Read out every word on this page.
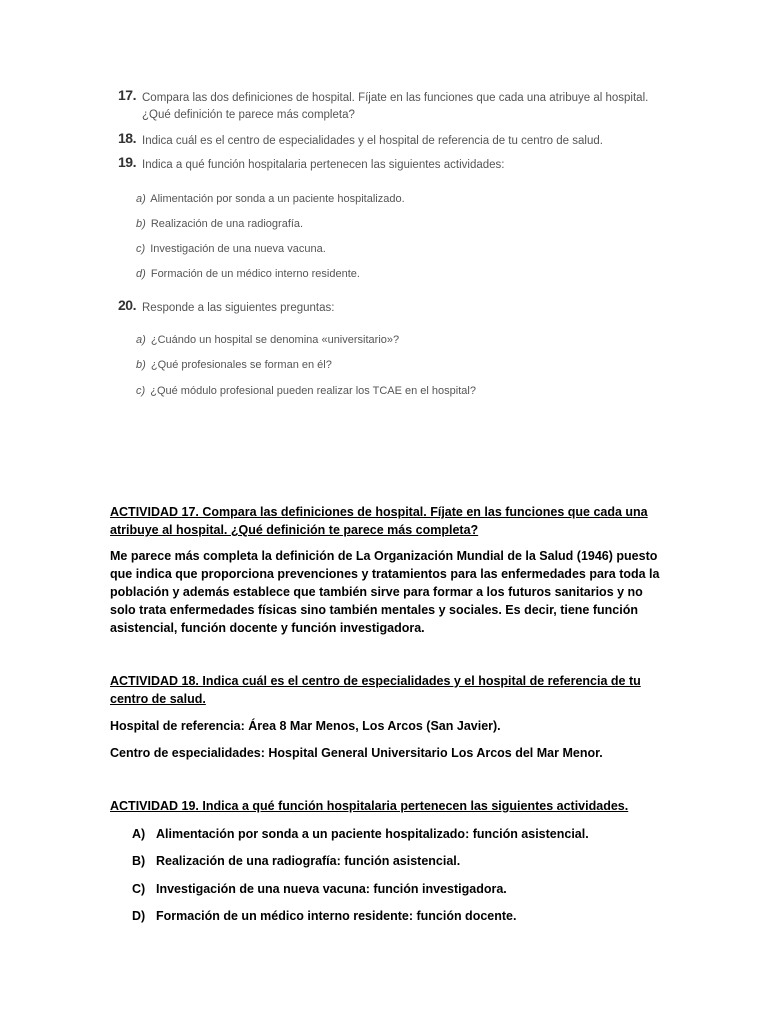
17. Compara las dos definiciones de hospital. Fíjate en las funciones que cada una atribuye al hospital. ¿Qué definición te parece más completa?
18. Indica cuál es el centro de especialidades y el hospital de referencia de tu centro de salud.
19. Indica a qué función hospitalaria pertenecen las siguientes actividades:
a) Alimentación por sonda a un paciente hospitalizado.
b) Realización de una radiografía.
c) Investigación de una nueva vacuna.
d) Formación de un médico interno residente.
20. Responde a las siguientes preguntas:
a) ¿Cuándo un hospital se denomina «universitario»?
b) ¿Qué profesionales se forman en él?
c) ¿Qué módulo profesional pueden realizar los TCAE en el hospital?
ACTIVIDAD 17. Compara las definiciones de hospital. Fíjate en las funciones que cada una atribuye al hospital. ¿Qué definición te parece más completa?
Me parece más completa la definición de La Organización Mundial de la Salud (1946) puesto que indica que proporciona prevenciones y tratamientos para las enfermedades para toda la población y además establece que también sirve para formar a los futuros sanitarios y no solo trata enfermedades físicas sino también mentales y sociales. Es decir, tiene función asistencial, función docente y función investigadora.
ACTIVIDAD 18. Indica cuál es el centro de especialidades y el hospital de referencia de tu centro de salud.
Hospital de referencia: Área 8 Mar Menos, Los Arcos (San Javier).
Centro de especialidades: Hospital General Universitario Los Arcos del Mar Menor.
ACTIVIDAD 19. Indica a qué función hospitalaria pertenecen las siguientes actividades.
A) Alimentación por sonda a un paciente hospitalizado: función asistencial.
B) Realización de una radiografía: función asistencial.
C) Investigación de una nueva vacuna: función investigadora.
D) Formación de un médico interno residente: función docente.
